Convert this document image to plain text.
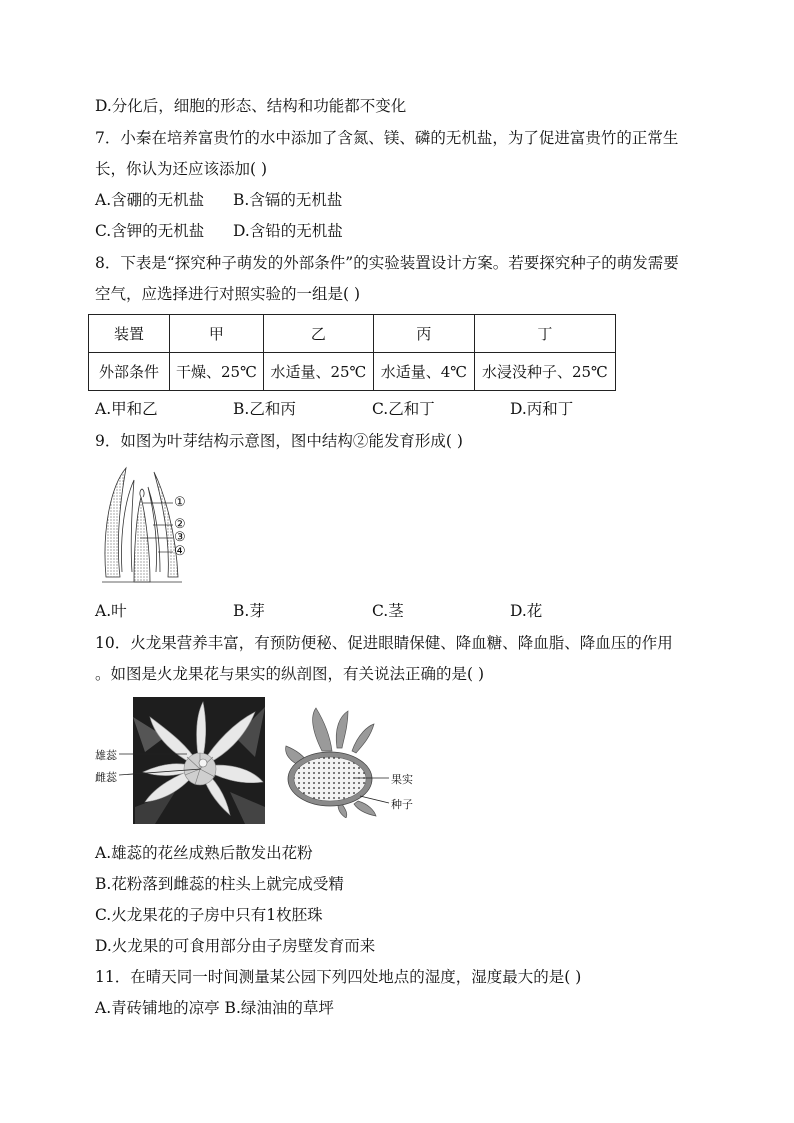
D.分化后，细胞的形态、结构和功能都不变化
7．小秦在培养富贵竹的水中添加了含氮、镁、磷的无机盐，为了促进富贵竹的正常生
长，你认为还应该添加( )
A.含硼的无机盐 B.含镉的无机盐
C.含钾的无机盐 D.含铅的无机盐
8．下表是“探究种子萌发的外部条件”的实验装置设计方案。若要探究种子的萌发需要
空气，应选择进行对照实验的一组是( )
装置	甲	乙	丙	丁
外部条件	干燥、25℃	水适量、25℃	水适量、4℃	水浸没种子、25℃
A.甲和乙	B.乙和丙	C.乙和丁	D.丙和丁
9．如图为叶芽结构示意图，图中结构②能发育形成( )
①
②
③
④
A.叶	B.芽	C.茎	D.花
10．火龙果营养丰富，有预防便秘、促进眼睛保健、降血糖、降血脂、降血压的作用
。如图是火龙果花与果实的纵剖图，有关说法正确的是( )
雄蕊
雌蕊	果实
种子
A.雄蕊的花丝成熟后散发出花粉
B.花粉落到雌蕊的柱头上就完成受精
C.火龙果花的子房中只有1枚胚珠
D.火龙果的可食用部分由子房壁发育而来
11．在晴天同一时间测量某公园下列四处地点的湿度，湿度最大的是( )
A.青砖铺地的凉亭 B.绿油油的草坪
